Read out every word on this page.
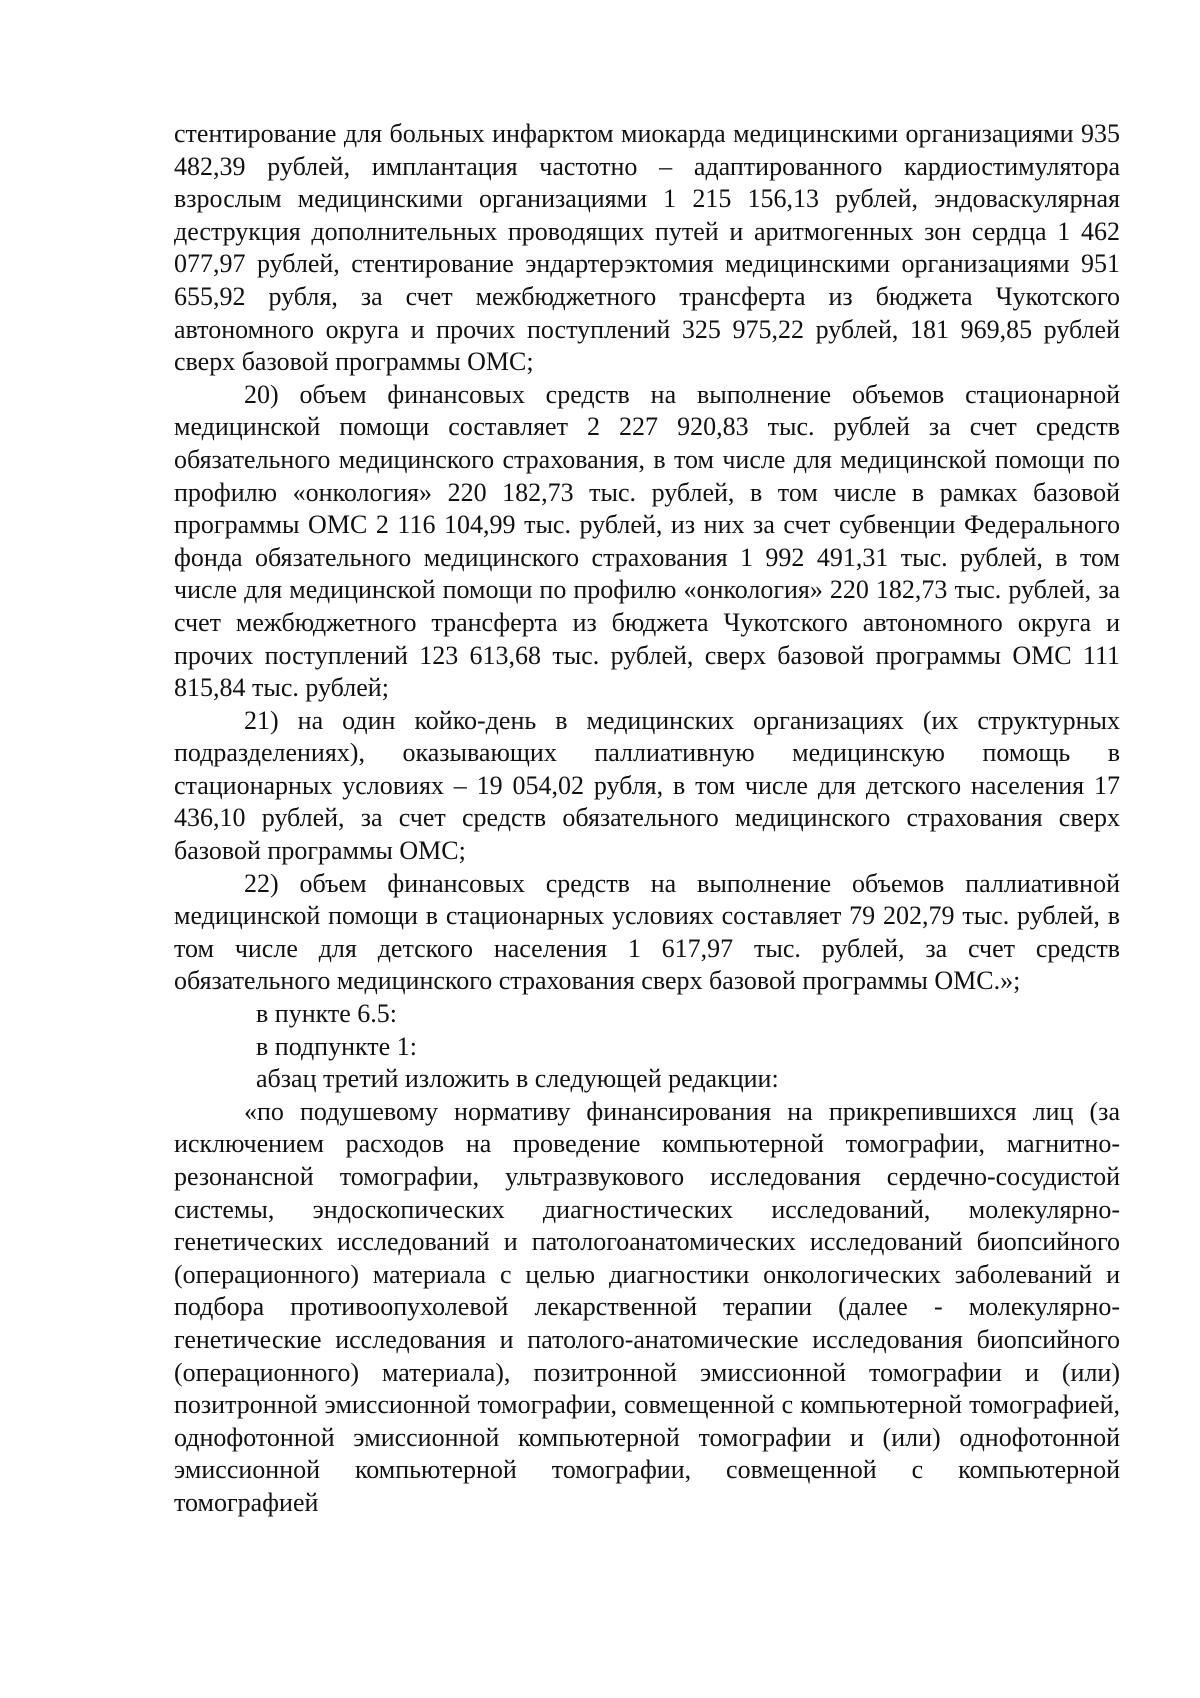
стентирование для больных инфарктом миокарда медицинскими организациями 935 482,39 рублей, имплантация частотно – адаптированного кардиостимулятора взрослым медицинскими организациями 1 215 156,13 рублей, эндоваскулярная деструкция дополнительных проводящих путей и аритмогенных зон сердца 1 462 077,97 рублей, стентирование эндартерэктомия медицинскими организациями 951 655,92 рубля, за счет межбюджетного трансферта из бюджета Чукотского автономного округа и прочих поступлений 325 975,22 рублей, 181 969,85 рублей сверх базовой программы ОМС;

20) объем финансовых средств на выполнение объемов стационарной медицинской помощи составляет 2 227 920,83 тыс. рублей за счет средств обязательного медицинского страхования, в том числе для медицинской помощи по профилю «онкология» 220 182,73 тыс. рублей, в том числе в рамках базовой программы ОМС 2 116 104,99 тыс. рублей, из них за счет субвенции Федерального фонда обязательного медицинского страхования 1 992 491,31 тыс. рублей, в том числе для медицинской помощи по профилю «онкология» 220 182,73 тыс. рублей, за счет межбюджетного трансферта из бюджета Чукотского автономного округа и прочих поступлений 123 613,68 тыс. рублей, сверх базовой программы ОМС 111 815,84 тыс. рублей;

21) на один койко-день в медицинских организациях (их структурных подразделениях), оказывающих паллиативную медицинскую помощь в стационарных условиях – 19 054,02 рубля, в том числе для детского населения 17 436,10 рублей, за счет средств обязательного медицинского страхования сверх базовой программы ОМС;

22) объем финансовых средств на выполнение объемов паллиативной медицинской помощи в стационарных условиях составляет 79 202,79 тыс. рублей, в том числе для детского населения 1 617,97 тыс. рублей, за счет средств обязательного медицинского страхования сверх базовой программы ОМС.»;

в пункте 6.5:

в подпункте 1:

абзац третий изложить в следующей редакции:

«по подушевому нормативу финансирования на прикрепившихся лиц (за исключением расходов на проведение компьютерной томографии, магнитно-резонансной томографии, ультразвукового исследования сердечно-сосудистой системы, эндоскопических диагностических исследований, молекулярно-генетических исследований и патологоанатомических исследований биопсийного (операционного) материала с целью диагностики онкологических заболеваний и подбора противоопухолевой лекарственной терапии (далее - молекулярно-генетические исследования и патолого-анатомические исследования биопсийного (операционного) материала), позитронной эмиссионной томографии и (или) позитронной эмиссионной томографии, совмещенной с компьютерной томографией, однофотонной эмиссионной компьютерной томографии и (или) однофотонной эмиссионной компьютерной томографии, совмещенной с компьютерной томографией
